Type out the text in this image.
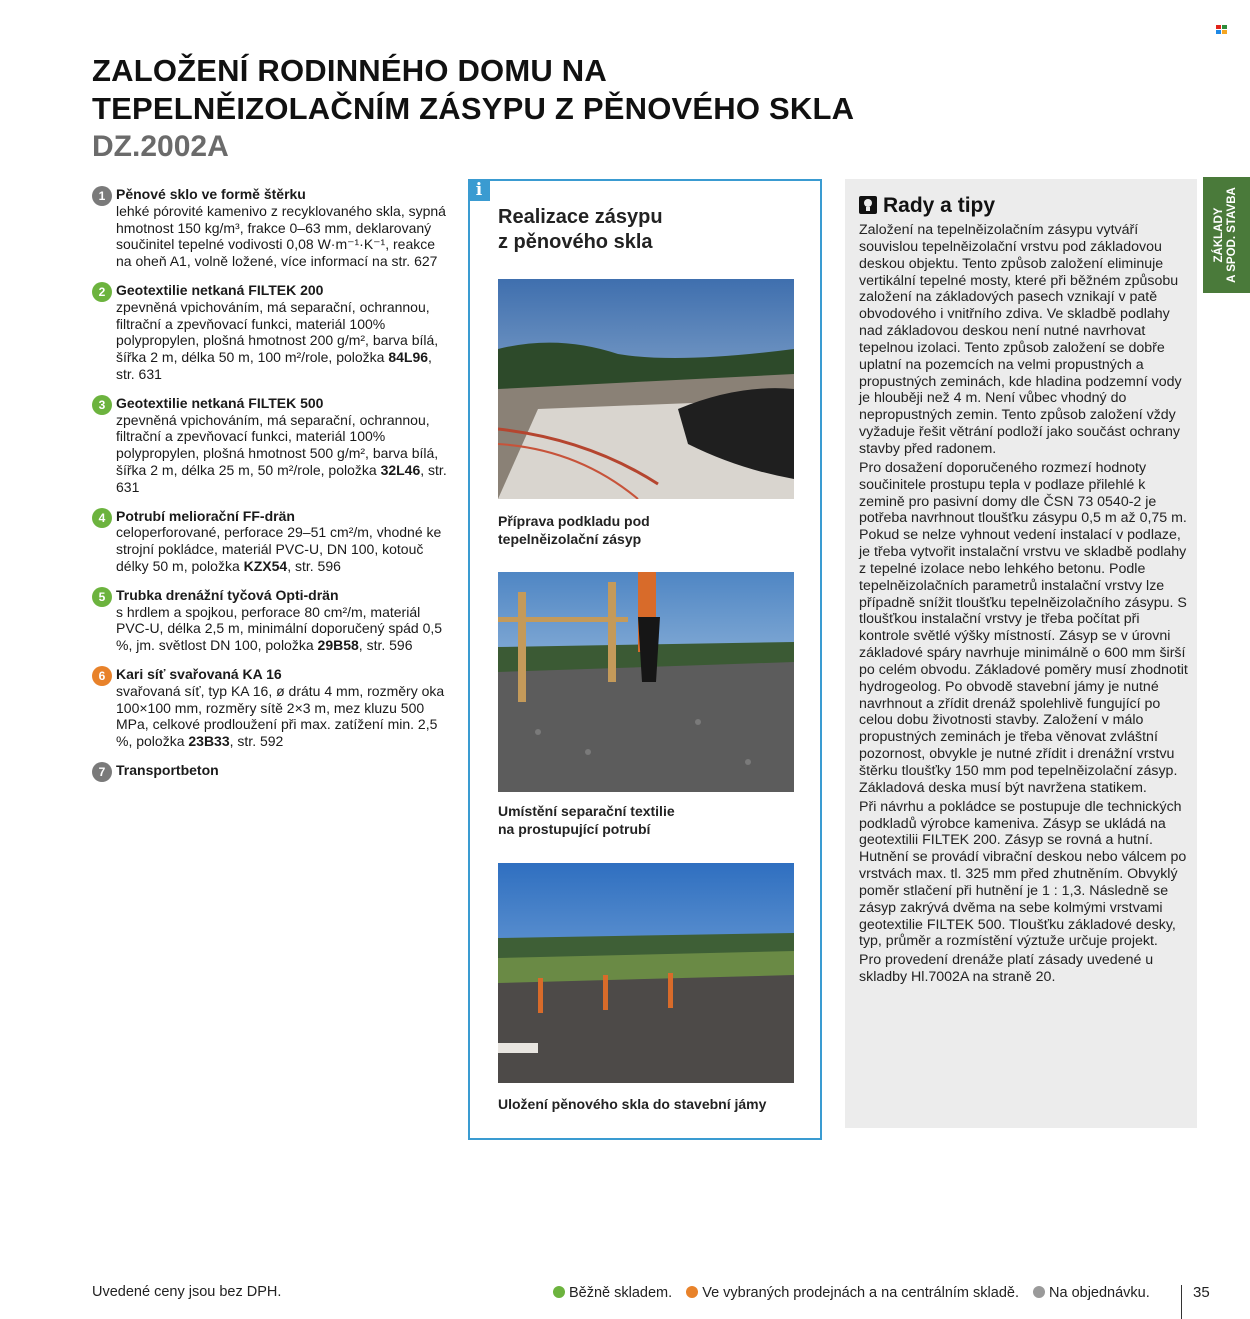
ZALOŽENÍ RODINNÉHO DOMU NA
TEPELNĚIZOLAČNÍM ZÁSYPU Z PĚNOVÉHO SKLA
DZ.2002A
1 Pěnové sklo ve formě štěrku
lehké pórovité kamenivo z recyklovaného skla, sypná hmotnost 150 kg/m³, frakce 0–63 mm, deklarovaný součinitel tepelné vodivosti 0,08 W·m⁻¹·K⁻¹, reakce na oheň A1, volně ložené, více informací na str. 627
2 Geotextilie netkaná FILTEK 200
zpevněná vpichováním, má separační, ochrannou, filtrační a zpevňovací funkci, materiál 100% polypropylen, plošná hmotnost 200 g/m², barva bílá, šířka 2 m, délka 50 m, 100 m²/role, položka 84L96, str. 631
3 Geotextilie netkaná FILTEK 500
zpevněná vpichováním, má separační, ochrannou, filtrační a zpevňovací funkci, materiál 100% polypropylen, plošná hmotnost 500 g/m², barva bílá, šířka 2 m, délka 25 m, 50 m²/role, položka 32L46, str. 631
4 Potrubí meliorační FF-drän
celoperforované, perforace 29–51 cm²/m, vhodné ke strojní pokládce, materiál PVC-U, DN 100, kotouč délky 50 m, položka KZX54, str. 596
5 Trubka drenážní tyčová Opti-drän
s hrdlem a spojkou, perforace 80 cm²/m, materiál PVC-U, délka 2,5 m, minimální doporučený spád 0,5 %, jm. světlost DN 100, položka 29B58, str. 596
6 Kari síť svařovaná KA 16
svařovaná síť, typ KA 16, ø drátu 4 mm, rozměry oka 100×100 mm, rozměry sítě 2×3 m, mez kluzu 500 MPa, celkové prodloužení při max. zatížení min. 2,5 %, položka 23B33, str. 592
7 Transportbeton
i
Realizace zásypu
z pěnového skla
Příprava podkladu pod
tepelněizolační zásyp
Umístění separační textilie
na prostupující potrubí
Uložení pěnového skla do stavební jámy
Rady a tipy

Založení na tepelněizolačním zásypu vytváří souvislou tepelněizolační vrstvu pod základovou deskou objektu. Tento způsob založení eliminuje vertikální tepelné mosty, které při běžném způsobu založení na základových pasech vznikají v patě obvodového i vnitřního zdiva. Ve skladbě podlahy nad základovou deskou není nutné navrhovat tepelnou izolaci. Tento způsob založení se dobře uplatní na pozemcích na velmi propustných a propustných zeminách, kde hladina podzemní vody je hlouběji než 4 m. Není vůbec vhodný do nepropustných zemin. Tento způsob založení vždy vyžaduje řešit větrání podloží jako součást ochrany stavby před radonem.

Pro dosažení doporučeného rozmezí hodnoty součinitele prostupu tepla v podlaze přilehlé k zemině pro pasivní domy dle ČSN 73 0540-2 je potřeba navrhnout tloušťku zásypu 0,5 m až 0,75 m. Pokud se nelze vyhnout vedení instalací v podlaze, je třeba vytvořit instalační vrstvu ve skladbě podlahy z tepelné izolace nebo lehkého betonu. Podle tepelněizolačních parametrů instalační vrstvy lze případně snížit tloušťku tepelněizolačního zásypu. S tloušťkou instalační vrstvy je třeba počítat při kontrole světlé výšky místností. Zásyp se v úrovni základové spáry navrhuje minimálně o 600 mm širší po celém obvodu. Základové poměry musí zhodnotit hydrogeolog. Po obvodě stavební jámy je nutné navrhnout a zřídit drenáž spolehlivě fungující po celou dobu životnosti stavby. Založení v málo propustných zeminách je třeba věnovat zvláštní pozornost, obvykle je nutné zřídit i drenážní vrstvu štěrku tloušťky 150 mm pod tepelněizolační zásyp. Základová deska musí být navržena statikem.

Při návrhu a pokládce se postupuje dle technických podkladů výrobce kameniva. Zásyp se ukládá na geotextilii FILTEK 200. Zásyp se rovná a hutní. Hutnění se provádí vibrační deskou nebo válcem po vrstvách max. tl. 325 mm před zhutněním. Obvyklý poměr stlačení při hutnění je 1 : 1,3. Následně se zásyp zakrývá dvěma na sebe kolmými vrstvami geotextilie FILTEK 500. Tloušťku základové desky, typ, průměr a rozmístění výztuže určuje projekt.

Pro provedení drenáže platí zásady uvedené u skladby Hl.7002A na straně 20.

ZÁKLADY A SPOD. STAVBA
Uvedené ceny jsou bez DPH.	Běžně skladem. Ve vybraných prodejnách a na centrálním skladě. Na objednávku.	35
